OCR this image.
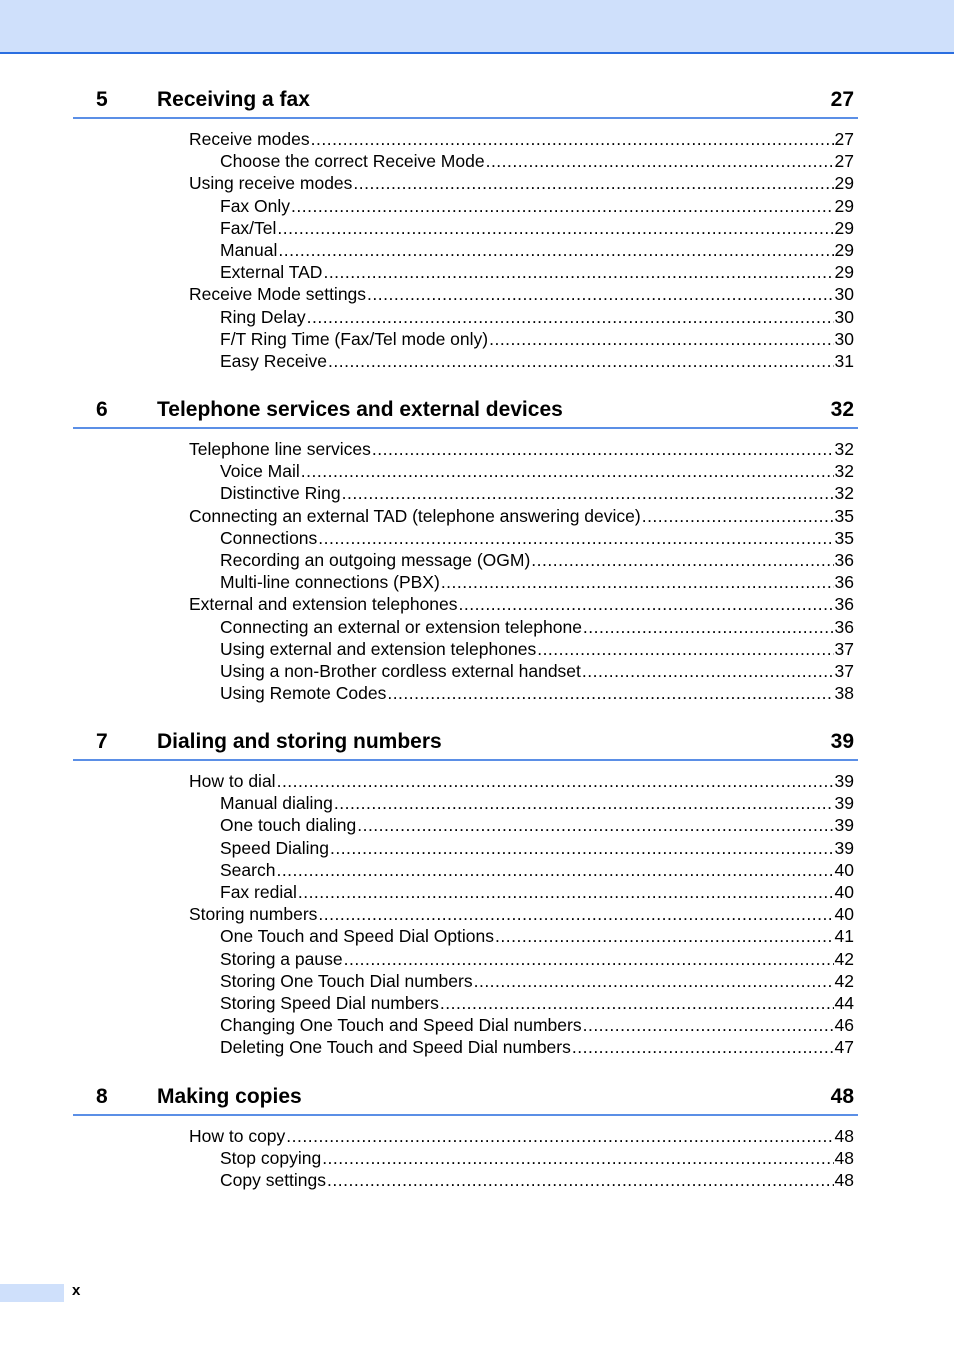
5 Receiving a fax	27
Receive modes .....	27
Choose the correct Receive Mode .....	27
Using receive modes .....	29
Fax Only .....	29
Fax/Tel .....	29
Manual .....	29
External TAD .....	29
Receive Mode settings .....	30
Ring Delay .....	30
F/T Ring Time (Fax/Tel mode only) .....	30
Easy Receive .....	31
6 Telephone services and external devices	32
Telephone line services .....	32
Voice Mail .....	32
Distinctive Ring .....	32
Connecting an external TAD (telephone answering device) .....	35
Connections .....	35
Recording an outgoing message (OGM) .....	36
Multi-line connections (PBX) .....	36
External and extension telephones .....	36
Connecting an external or extension telephone .....	36
Using external and extension telephones .....	37
Using a non-Brother cordless external handset .....	37
Using Remote Codes .....	38
7 Dialing and storing numbers	39
How to dial .....	39
Manual dialing .....	39
One touch dialing .....	39
Speed Dialing .....	39
Search .....	40
Fax redial .....	40
Storing numbers .....	40
One Touch and Speed Dial Options .....	41
Storing a pause .....	42
Storing One Touch Dial numbers .....	42
Storing Speed Dial numbers .....	44
Changing One Touch and Speed Dial numbers .....	46
Deleting One Touch and Speed Dial numbers .....	47
8 Making copies	48
How to copy .....	48
Stop copying .....	48
Copy settings .....	48
x
